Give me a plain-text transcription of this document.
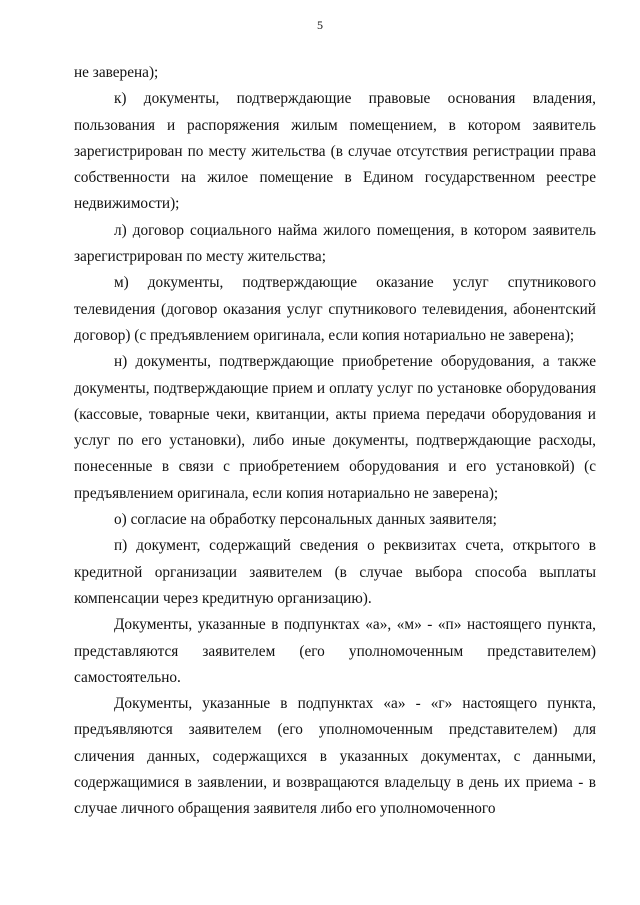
5

не заверена);

к) документы, подтверждающие правовые основания владения, пользования и распоряжения жилым помещением, в котором заявитель зарегистрирован по месту жительства (в случае отсутствия регистрации права собственности на жилое помещение в Едином государственном реестре недвижимости);

л) договор социального найма жилого помещения, в котором заявитель зарегистрирован по месту жительства;

м) документы, подтверждающие оказание услуг спутникового телевидения (договор оказания услуг спутникового телевидения, абонентский договор) (с предъявлением оригинала, если копия нотариально не заверена);

н) документы, подтверждающие приобретение оборудования, а также документы, подтверждающие прием и оплату услуг по установке оборудования (кассовые, товарные чеки, квитанции, акты приема передачи оборудования и услуг по его установки), либо иные документы, подтверждающие расходы, понесенные в связи с приобретением оборудования и его установкой) (с предъявлением оригинала, если копия нотариально не заверена);

о) согласие на обработку персональных данных заявителя;

п) документ, содержащий сведения о реквизитах счета, открытого в кредитной организации заявителем (в случае выбора способа выплаты компенсации через кредитную организацию).

Документы, указанные в подпунктах «а», «м» - «п» настоящего пункта, представляются заявителем (его уполномоченным представителем) самостоятельно.

Документы, указанные в подпунктах «а» - «г» настоящего пункта, предъявляются заявителем (его уполномоченным представителем) для сличения данных, содержащихся в указанных документах, с данными, содержащимися в заявлении, и возвращаются владельцу в день их приема - в случае личного обращения заявителя либо его уполномоченного
